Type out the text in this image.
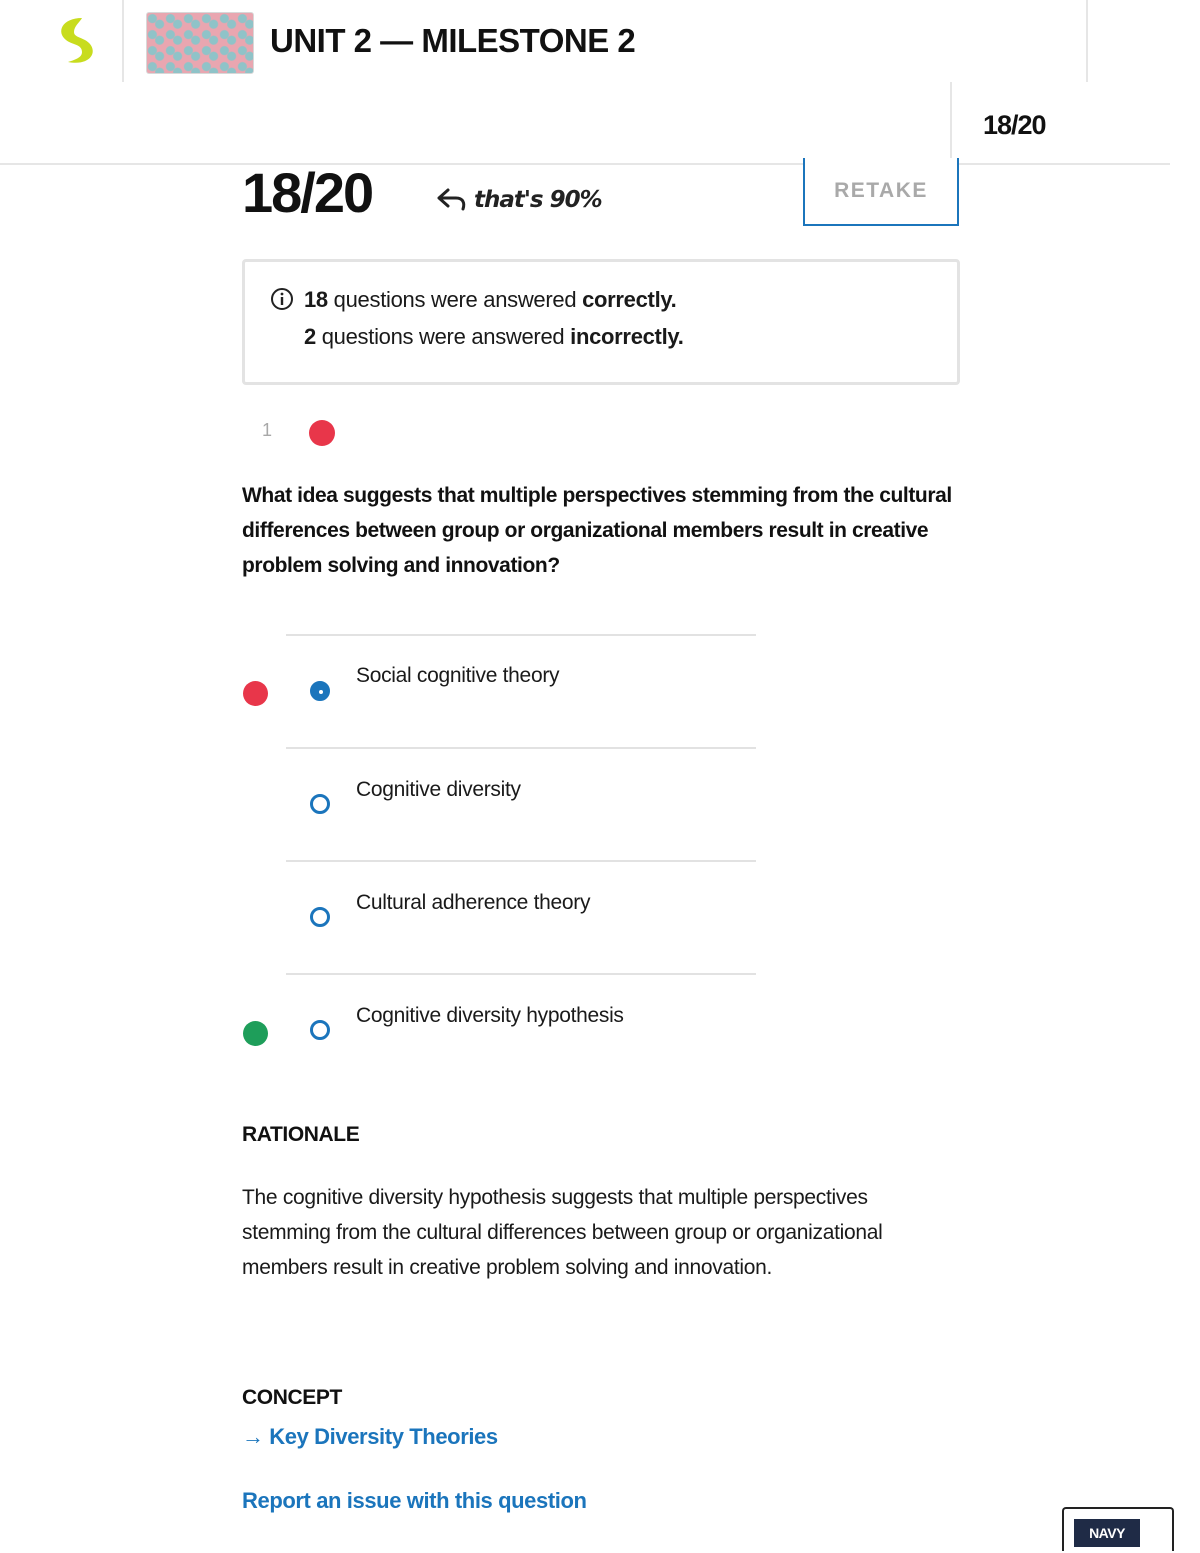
UNIT 2 — MILESTONE 2
18/20
18/20	that's 90%	RETAKE
18 questions were answered correctly.
2 questions were answered incorrectly.
1
What idea suggests that multiple perspectives stemming from the cultural differences between group or organizational members result in creative problem solving and innovation?
Social cognitive theory
Cognitive diversity
Cultural adherence theory
Cognitive diversity hypothesis
RATIONALE
The cognitive diversity hypothesis suggests that multiple perspectives stemming from the cultural differences between group or organizational members result in creative problem solving and innovation.
CONCEPT
→ Key Diversity Theories
Report an issue with this question
NAVY
